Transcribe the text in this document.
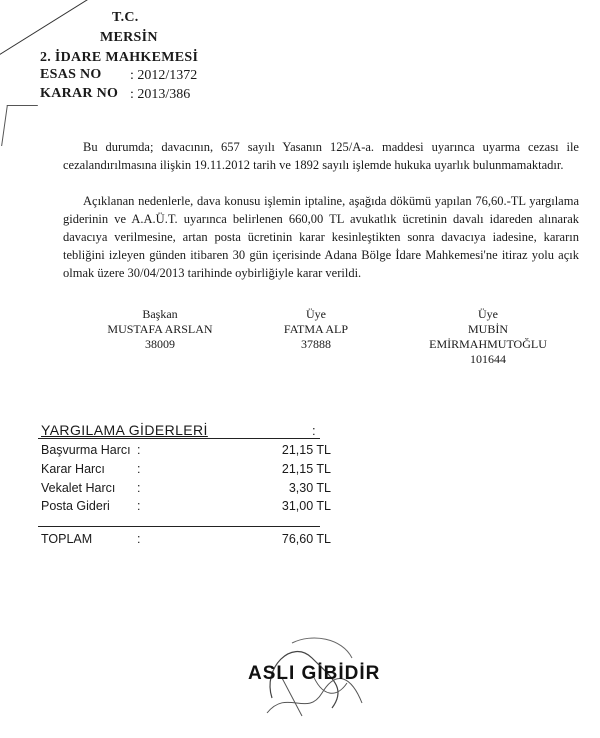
T.C.
MERSİN
2. İDARE MAHKEMESİ
ESAS NO : 2012/1372
KARAR NO : 2013/386
Bu durumda; davacının, 657 sayılı Yasanın 125/A-a. maddesi uyarınca uyarma cezası ile cezalandırılmasına ilişkin 19.11.2012 tarih ve 1892 sayılı işlemde hukuka uyarlık bulunmamaktadır.
Açıklanan nedenlerle, dava konusu işlemin iptaline, aşağıda dökümü yapılan 76,60.-TL yargılama giderinin ve A.A.Ü.T. uyarınca belirlenen 660,00 TL avukatlık ücretinin davalı idareden alınarak davacıya verilmesine, artan posta ücretinin karar kesinleştikten sonra davacıya iadesine, kararın tebliğini izleyen günden itibaren 30 gün içerisinde Adana Bölge İdare Mahkemesi'ne itiraz yolu açık olmak üzere 30/04/2013 tarihinde oybirliğiyle karar verildi.
Başkan
MUSTAFA ARSLAN
38009
Üye
FATMA ALP
37888
Üye
MUBİN
EMİRMAHMUTOĞLU
101644
YARGILAMA GİDERLERİ	:
Başvurma Harcı :	21,15 TL
Karar Harcı	:	21,15 TL
Vekalet Harcı :	3,30 TL
Posta Gideri :	31,00 TL
TOPLAM	:	76,60 TL
ASLI GİBİDİR
